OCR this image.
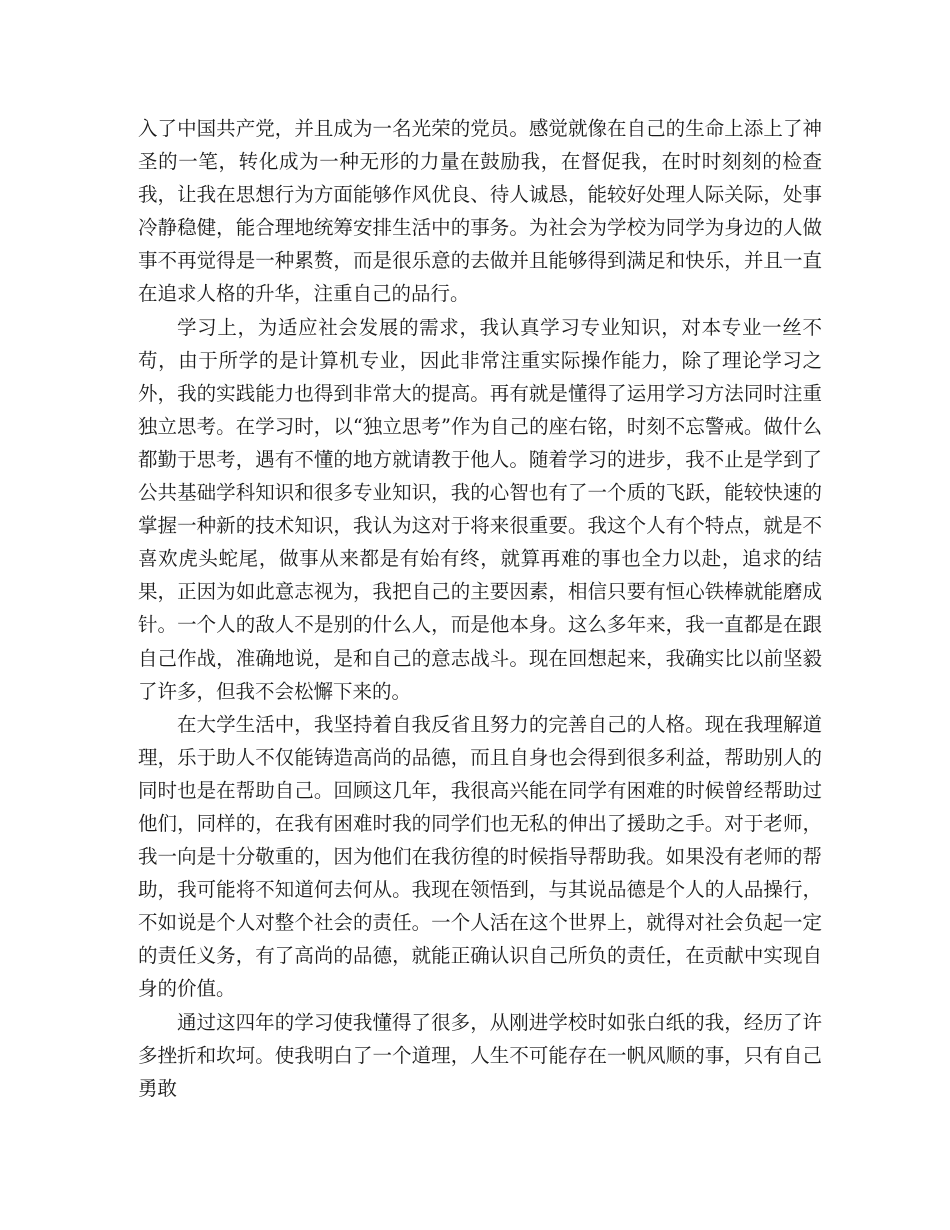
入了中国共产党，并且成为一名光荣的党员。感觉就像在自己的生命上添上了神圣的一笔，转化成为一种无形的力量在鼓励我，在督促我，在时时刻刻的检查我，让我在思想行为方面能够作风优良、待人诚恳，能较好处理人际关际，处事冷静稳健，能合理地统筹安排生活中的事务。为社会为学校为同学为身边的人做事不再觉得是一种累赘，而是很乐意的去做并且能够得到满足和快乐，并且一直在追求人格的升华，注重自己的品行。

学习上，为适应社会发展的需求，我认真学习专业知识，对本专业一丝不苟，由于所学的是计算机专业，因此非常注重实际操作能力，除了理论学习之外，我的实践能力也得到非常大的提高。再有就是懂得了运用学习方法同时注重独立思考。在学习时，以“独立思考”作为自己的座右铭，时刻不忘警戒。做什么都勤于思考，遇有不懂的地方就请教于他人。随着学习的进步，我不止是学到了公共基础学科知识和很多专业知识，我的心智也有了一个质的飞跃，能较快速的掌握一种新的技术知识，我认为这对于将来很重要。我这个人有个特点，就是不喜欢虎头蛇尾，做事从来都是有始有终，就算再难的事也全力以赴，追求的结果，正因为如此意志视为，我把自己的主要因素，相信只要有恒心铁棒就能磨成针。一个人的敌人不是别的什么人，而是他本身。这么多年来，我一直都是在跟自己作战，准确地说，是和自己的意志战斗。现在回想起来，我确实比以前坚毅了许多，但我不会松懈下来的。

在大学生活中，我坚持着自我反省且努力的完善自己的人格。现在我理解道理，乐于助人不仅能铸造高尚的品德，而且自身也会得到很多利益，帮助别人的同时也是在帮助自己。回顾这几年，我很高兴能在同学有困难的时候曾经帮助过他们，同样的，在我有困难时我的同学们也无私的伸出了援助之手。对于老师，我一向是十分敬重的，因为他们在我彷徨的时候指导帮助我。如果没有老师的帮助，我可能将不知道何去何从。我现在领悟到，与其说品德是个人的人品操行，不如说是个人对整个社会的责任。一个人活在这个世界上，就得对社会负起一定的责任义务，有了高尚的品德，就能正确认识自己所负的责任，在贡献中实现自身的价值。

通过这四年的学习使我懂得了很多，从刚进学校时如张白纸的我，经历了许多挫折和坎坷。使我明白了一个道理，人生不可能存在一帆风顺的事，只有自己勇敢
